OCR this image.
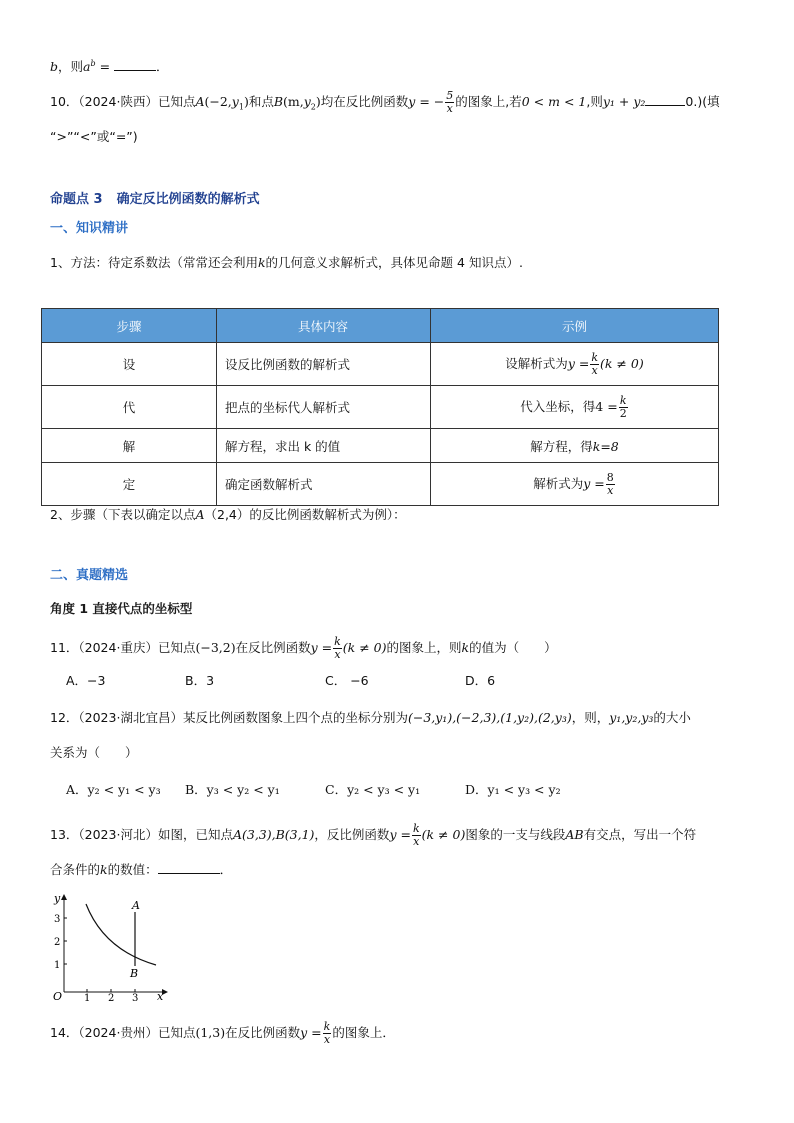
b，则$a^b$ =	．
10．（2024·陕西）已知点$A(-2,y_1)$和点$B(m,y_2)$均在反比例函数y = − $\frac{5}{x}$ 的图象上,若0 < m < 1,则y₁ + y₂	0.)(填
“>”“<”或“=”)
命题点 3 确定反比例函数的解析式
一、知识精讲
1、方法：待定系数法（常常还会利用k的几何意义求解析式，具体见命题 4 知识点）.
步骤	具体内容	示例
设	设反比例函数的解析式	设解析式为$y = \frac{k}{x} (k \ne 0)$
代	把点的坐标代人解析式	代入坐标，得$4 = \frac{k}{2}$

解	解方程，求出 k 的值	解方程，得k=8
定	确定函数解析式	解析式为$y = \frac{8}{x}$
2、步骤（下表以确定以点A（2,4）的反比例函数解析式为例）：
二、真题精选
角度 1 直接代点的坐标型
11．（2024·重庆）已知点(−3,2)在反比例函数$y = \frac{k}{x} (k \ne 0)$的图象上，则k的值为（　　）
A．−3	B．3	C． −6	D．6
12．（2023·湖北宜昌）某反比例函数图象上四个点的坐标分别为(−3,y₁),(−2,3),(1,y₂),(2,y₃)，则，y₁,y₂,y₃的大小
关系为（　　）
A．y₂ < y₁ < y₃ B．y₃ < y₂ < y₁	C．y₂ < y₃ < y₁	D．y₁ < y₃ < y₂
13．（2023·河北）如图，已知点A(3,3),B(3,1)，反比例函数$y = \frac{k}{x} (k \ne 0)$图象的一支与线段AB有交点，写出一个符
合条件的k的数值：	．
y
x
O
1
2
3
1 2 3
A
B
14．（2024·贵州）已知点(1,3)在反比例函数$y = \frac{k}{x}$ 的图象上．
